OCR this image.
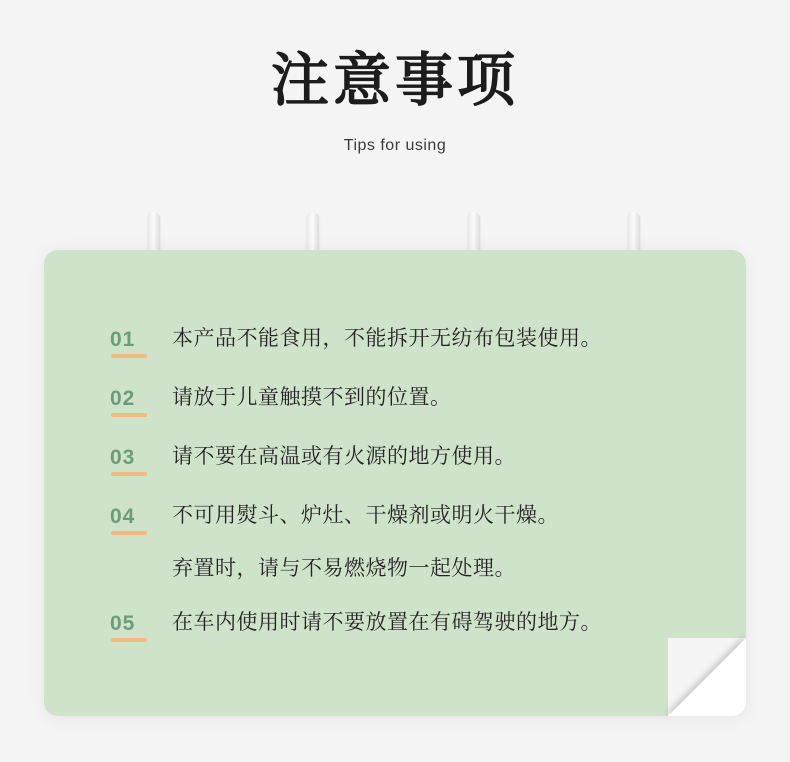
注意事项
Tips for using
01	本产品不能食用，不能拆开无纺布包装使用。
02	请放于儿童触摸不到的位置。
03	请不要在高温或有火源的地方使用。
04	不可用熨斗、炉灶、干燥剂或明火干燥。
弃置时，请与不易燃烧物一起处理。
05	在车内使用时请不要放置在有碍驾驶的地方。
